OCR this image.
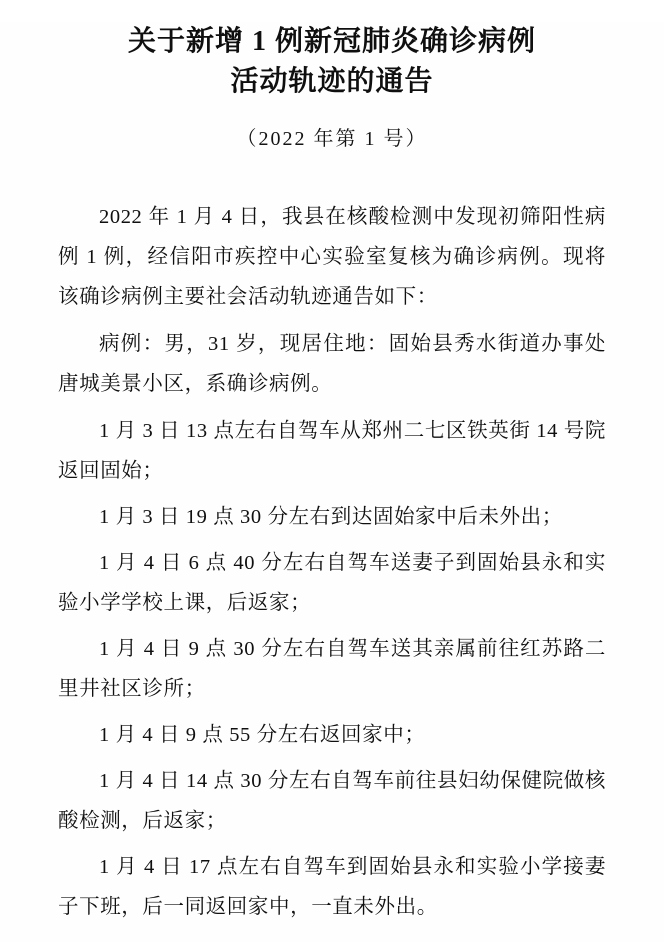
关于新增 1 例新冠肺炎确诊病例
活动轨迹的通告
（2022 年第 1 号）

2022 年 1 月 4 日，我县在核酸检测中发现初筛阳性病例 1 例，经信阳市疾控中心实验室复核为确诊病例。现将该确诊病例主要社会活动轨迹通告如下：

病例：男，31 岁，现居住地：固始县秀水街道办事处唐城美景小区，系确诊病例。

1 月 3 日 13 点左右自驾车从郑州二七区铁英街 14 号院返回固始；

1 月 3 日 19 点 30 分左右到达固始家中后未外出；

1 月 4 日 6 点 40 分左右自驾车送妻子到固始县永和实验小学学校上课，后返家；

1 月 4 日 9 点 30 分左右自驾车送其亲属前往红苏路二里井社区诊所；

1 月 4 日 9 点 55 分左右返回家中；

1 月 4 日 14 点 30 分左右自驾车前往县妇幼保健院做核酸检测，后返家；

1 月 4 日 17 点左右自驾车到固始县永和实验小学接妻子下班，后一同返回家中，一直未外出。
